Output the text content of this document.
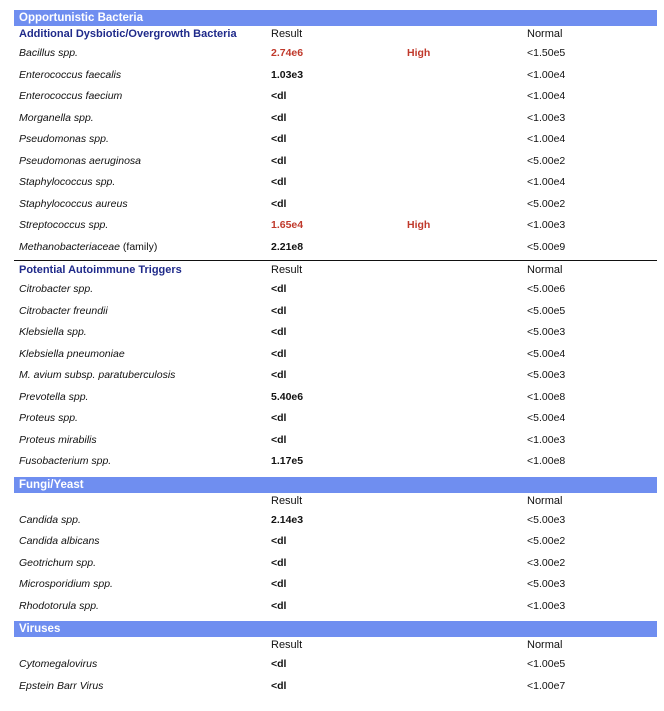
Opportunistic Bacteria
Additional Dysbiotic/Overgrowth Bacteria	Result	Normal
Bacillus spp.	2.74e6	High	<1.50e5
Enterococcus faecalis	1.03e3	<1.00e4
Enterococcus faecium	<dl	<1.00e4
Morganella spp.	<dl	<1.00e3
Pseudomonas spp.	<dl	<1.00e4
Pseudomonas aeruginosa	<dl	<5.00e2
Staphylococcus spp.	<dl	<1.00e4
Staphylococcus aureus	<dl	<5.00e2
Streptococcus spp.	1.65e4	High	<1.00e3
Methanobacteriaceae (family)	2.21e8	<5.00e9
Potential Autoimmune Triggers	Result	Normal
Citrobacter spp.	<dl	<5.00e6
Citrobacter freundii	<dl	<5.00e5
Klebsiella spp.	<dl	<5.00e3
Klebsiella pneumoniae	<dl	<5.00e4
M. avium subsp. paratuberculosis	<dl	<5.00e3
Prevotella spp.	5.40e6	<1.00e8
Proteus spp.	<dl	<5.00e4
Proteus mirabilis	<dl	<1.00e3
Fusobacterium spp.	1.17e5	<1.00e8
Fungi/Yeast
Result	Normal
Candida spp.	2.14e3	<5.00e3
Candida albicans	<dl	<5.00e2
Geotrichum spp.	<dl	<3.00e2
Microsporidium spp.	<dl	<5.00e3
Rhodotorula spp.	<dl	<1.00e3
Viruses
Result	Normal
Cytomegalovirus	<dl	<1.00e5
Epstein Barr Virus	<dl	<1.00e7
